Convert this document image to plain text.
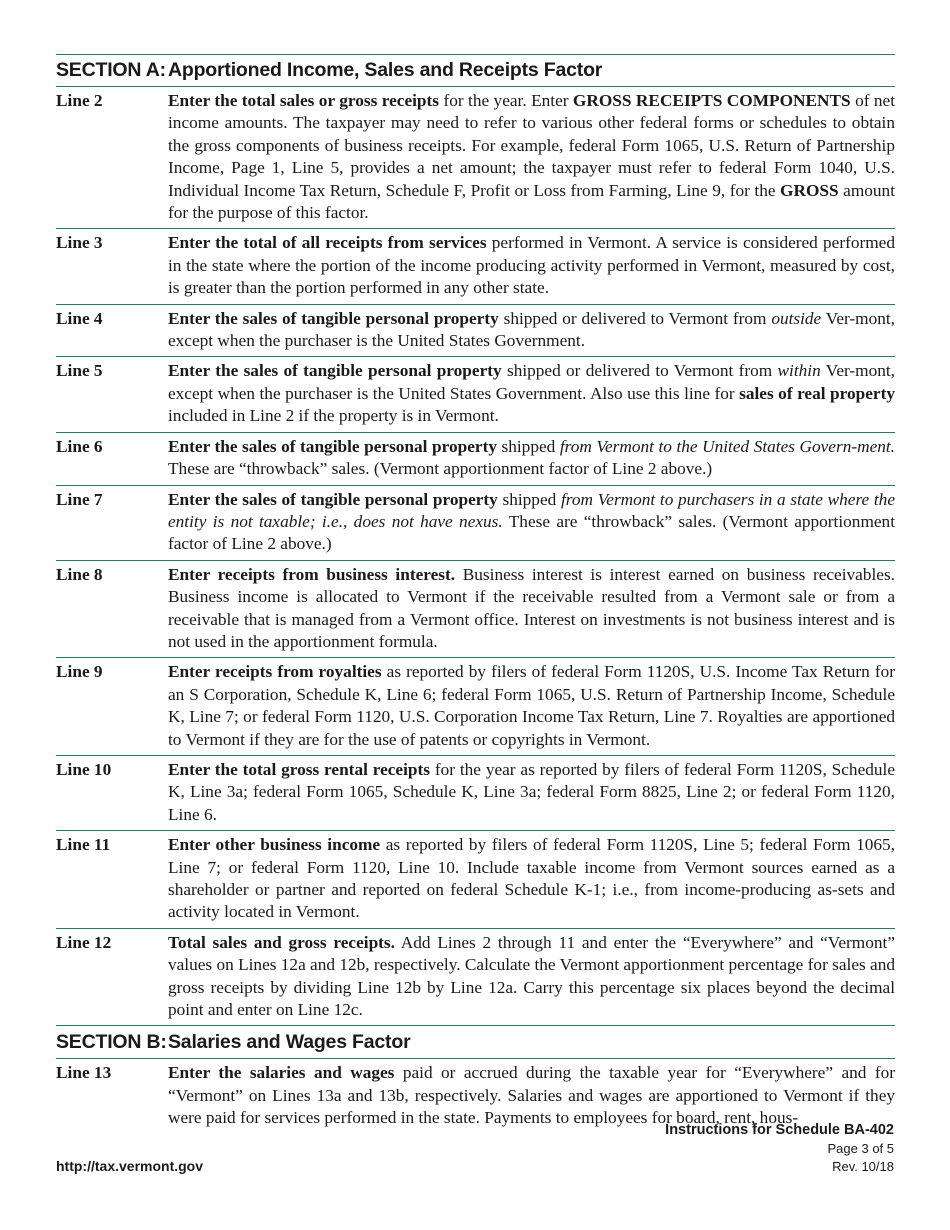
SECTION A: Apportioned Income, Sales and Receipts Factor
Line 2	Enter the total sales or gross receipts for the year. Enter GROSS RECEIPTS COMPONENTS of net income amounts. The taxpayer may need to refer to various other federal forms or schedules to obtain the gross components of business receipts. For example, federal Form 1065, U.S. Return of Partnership Income, Page 1, Line 5, provides a net amount; the taxpayer must refer to federal Form 1040, U.S. Individual Income Tax Return, Schedule F, Profit or Loss from Farming, Line 9, for the GROSS amount for the purpose of this factor.
Line 3	Enter the total of all receipts from services performed in Vermont. A service is considered performed in the state where the portion of the income producing activity performed in Vermont, measured by cost, is greater than the portion performed in any other state.
Line 4	Enter the sales of tangible personal property shipped or delivered to Vermont from outside Ver-mont, except when the purchaser is the United States Government.
Line 5	Enter the sales of tangible personal property shipped or delivered to Vermont from within Ver-mont, except when the purchaser is the United States Government. Also use this line for sales of real property included in Line 2 if the property is in Vermont.
Line 6	Enter the sales of tangible personal property shipped from Vermont to the United States Govern-ment. These are “throwback” sales. (Vermont apportionment factor of Line 2 above.)
Line 7	Enter the sales of tangible personal property shipped from Vermont to purchasers in a state where the entity is not taxable; i.e., does not have nexus. These are “throwback” sales. (Vermont apportionment factor of Line 2 above.)
Line 8	Enter receipts from business interest. Business interest is interest earned on business receivables. Business income is allocated to Vermont if the receivable resulted from a Vermont sale or from a receivable that is managed from a Vermont office. Interest on investments is not business interest and is not used in the apportionment formula.
Line 9	Enter receipts from royalties as reported by filers of federal Form 1120S, U.S. Income Tax Return for an S Corporation, Schedule K, Line 6; federal Form 1065, U.S. Return of Partnership Income, Schedule K, Line 7; or federal Form 1120, U.S. Corporation Income Tax Return, Line 7. Royalties are apportioned to Vermont if they are for the use of patents or copyrights in Vermont.
Line 10	Enter the total gross rental receipts for the year as reported by filers of federal Form 1120S, Schedule K, Line 3a; federal Form 1065, Schedule K, Line 3a; federal Form 8825, Line 2; or federal Form 1120, Line 6.
Line 11	Enter other business income as reported by filers of federal Form 1120S, Line 5; federal Form 1065, Line 7; or federal Form 1120, Line 10. Include taxable income from Vermont sources earned as a shareholder or partner and reported on federal Schedule K-1; i.e., from income-producing as-sets and activity located in Vermont.
Line 12	Total sales and gross receipts. Add Lines 2 through 11 and enter the “Everywhere” and “Vermont” values on Lines 12a and 12b, respectively. Calculate the Vermont apportionment percentage for sales and gross receipts by dividing Line 12b by Line 12a. Carry this percentage six places beyond the decimal point and enter on Line 12c.
SECTION B: Salaries and Wages Factor
Line 13	Enter the salaries and wages paid or accrued during the taxable year for “Everywhere” and for “Vermont” on Lines 13a and 13b, respectively. Salaries and wages are apportioned to Vermont if they were paid for services performed in the state. Payments to employees for board, rent, hous-
Instructions for Schedule BA-402
Page 3 of 5
Rev. 10/18
http://tax.vermont.gov
